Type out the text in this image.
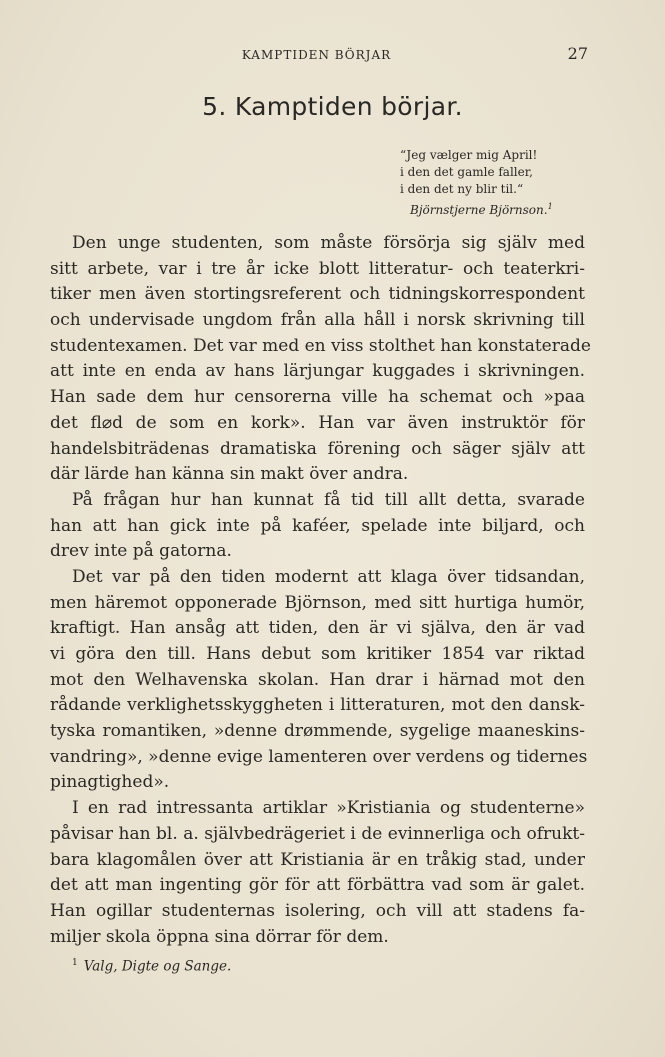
KAMPTIDEN BÖRJAR	27
5. Kamptiden börjar.
“Jeg vælger mig April!
i den det gamle faller,
i den det ny blir til.“
Björnstjerne Björnson.$^1$
Den unge studenten, som måste försörja sig själv med
sitt arbete, var i tre år icke blott litteratur- och teaterkri-
tiker men även stortingsreferent och tidningskorrespondent
och undervisade ungdom från alla håll i norsk skrivning till
studentexamen. Det var med en viss stolthet han konstaterade
att inte en enda av hans lärjungar kuggades i skrivningen.
Han sade dem hur censorerna ville ha schemat och »paa
det fl⌀d de som en kork». Han var även instruktör för
handelsbiträdenas dramatiska förening och säger själv att
där lärde han känna sin makt över andra.
På frågan hur han kunnat få tid till allt detta, svarade
han att han gick inte på kaféer, spelade inte biljard, och
drev inte på gatorna.
Det var på den tiden modernt att klaga över tidsandan,
men häremot opponerade Björnson, med sitt hurtiga humör,
kraftigt. Han ansåg att tiden, den är vi själva, den är vad
vi göra den till. Hans debut som kritiker 1854 var riktad
mot den Welhavenska skolan. Han drar i härnad mot den
rådande verklighetsskyggheten i litteraturen, mot den dansk-
tyska romantiken, »denne drømmende, sygelige maaneskins-
vandring», »denne evige lamenteren over verdens og tidernes
pinagtighed».
I en rad intressanta artiklar »Kristiania og studenterne»
påvisar han bl. a. självbedrägeriet i de evinnerliga och ofrukt-
bara klagomålen över att Kristiania är en tråkig stad, under
det att man ingenting gör för att förbättra vad som är galet.
Han ogillar studenternas isolering, och vill att stadens fa-
miljer skola öppna sina dörrar för dem.
$^1$ Valg, Digte og Sange.
